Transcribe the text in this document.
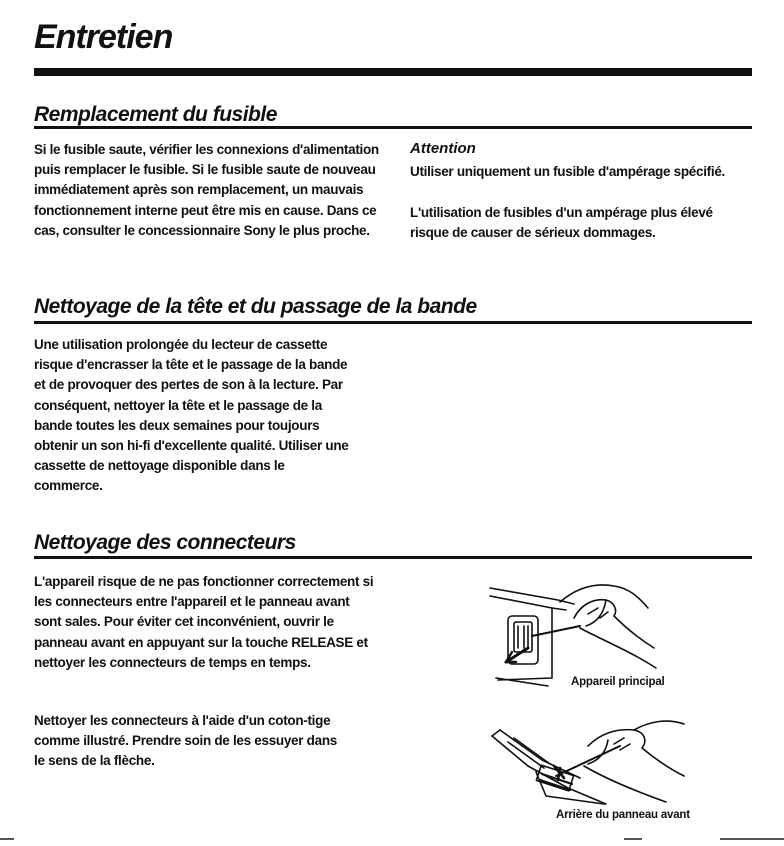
Entretien
Remplacement du fusible

Si le fusible saute, vérifier les connexions d'alimentation puis remplacer le fusible. Si le fusible saute de nouveau immédiatement après son remplacement, un mauvais fonctionnement interne peut être mis en cause. Dans ce cas, consulter le concessionnaire Sony le plus proche.

Attention

Utiliser uniquement un fusible d'ampérage spécifié.

L'utilisation de fusibles d'un ampérage plus élevé risque de causer de sérieux dommages.

Nettoyage de la tête et du passage de la bande

Une utilisation prolongée du lecteur de cassette risque d'encrasser la tête et le passage de la bande et de provoquer des pertes de son à la lecture. Par conséquent, nettoyer la tête et le passage de la bande toutes les deux semaines pour toujours obtenir un son hi-fi d'excellente qualité. Utiliser une cassette de nettoyage disponible dans le commerce.

Nettoyage des connecteurs

L'appareil risque de ne pas fonctionner correctement si les connecteurs entre l'appareil et le panneau avant sont sales. Pour éviter cet inconvénient, ouvrir le panneau avant en appuyant sur la touche RELEASE et nettoyer les connecteurs de temps en temps.

Nettoyer les connecteurs à l'aide d'un coton-tige comme illustré. Prendre soin de les essuyer dans le sens de la flèche.

Appareil principal
Arrière du panneau avant
